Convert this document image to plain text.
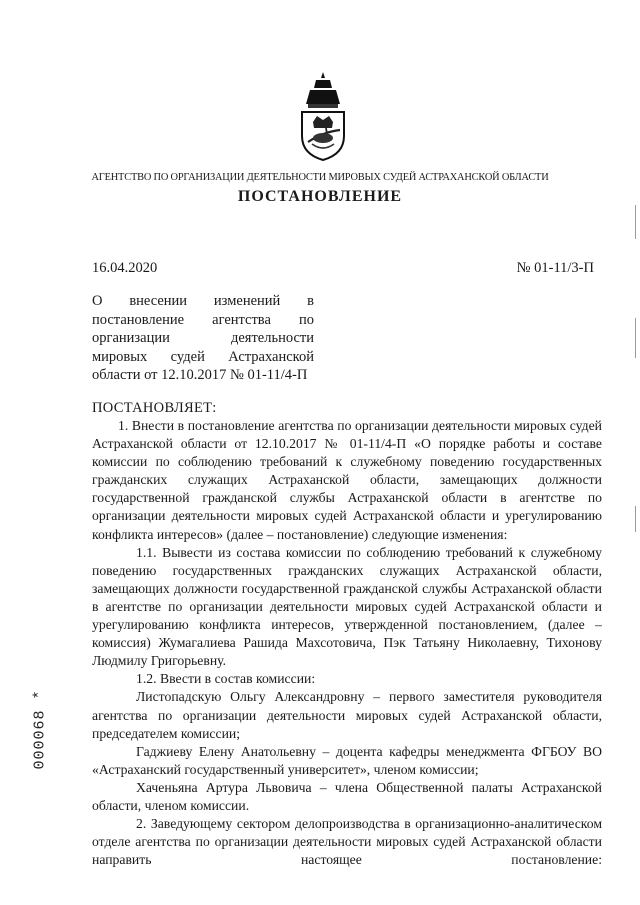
АГЕНТСТВО ПО ОРГАНИЗАЦИИ ДЕЯТЕЛЬНОСТИ МИРОВЫХ СУДЕЙ АСТРАХАНСКОЙ ОБЛАСТИ
ПОСТАНОВЛЕНИЕ
16.04.2020	№ 01-11/3-П
О внесении изменений в постановление агентства по организации деятельности мировых судей Астраханской области от 12.10.2017 № 01-11/4-П
ПОСТАНОВЛЯЕТ:

1. Внести в постановление агентства по организации деятельности мировых судей Астраханской области от 12.10.2017 № 01-11/4-П «О порядке работы и составе комиссии по соблюдению требований к служебному поведению государственных гражданских служащих Астраханской области, замещающих должности государственной гражданской службы Астраханской области в агентстве по организации деятельности мировых судей Астраханской области и урегулированию конфликта интересов» (далее – постановление) следующие изменения:

1.1. Вывести из состава комиссии по соблюдению требований к служебному поведению государственных гражданских служащих Астраханской области, замещающих должности государственной гражданской службы Астраханской области в агентстве по организации деятельности мировых судей Астраханской области и урегулированию конфликта интересов, утвержденной постановлением, (далее – комиссия) Жумагалиева Рашида Махсотовича, Пэк Татьяну Николаевну, Тихонову Людмилу Григорьевну.

1.2. Ввести в состав комиссии:

Листопадскую Ольгу Александровну – первого заместителя руководителя агентства по организации деятельности мировых судей Астраханской области, председателем комиссии;

Гаджиеву Елену Анатольевну – доцента кафедры менеджмента ФГБОУ ВО «Астраханский государственный университет», членом комиссии;

Хаченьяна Артура Львовича – члена Общественной палаты Астраханской области, членом комиссии.

2. Заведующему сектором делопроизводства в организационно-аналитическом отделе агентства по организации деятельности мировых судей Астраханской области направить настоящее постановление:

000068 *
